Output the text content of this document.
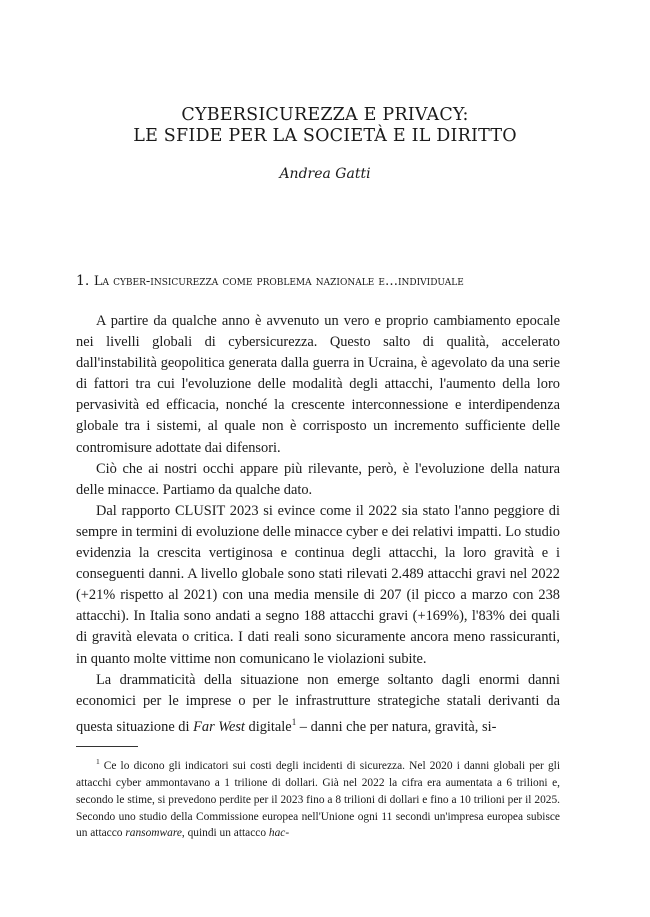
CYBERSICUREZZA E PRIVACY:
LE SFIDE PER LA SOCIETÀ E IL DIRITTO
Andrea Gatti
1. La cyber-insicurezza come problema nazionale e…individuale

A partire da qualche anno è avvenuto un vero e proprio cambiamento epocale nei livelli globali di cybersicurezza. Questo salto di qualità, accelerato dall'instabilità geopolitica generata dalla guerra in Ucraina, è agevolato da una serie di fattori tra cui l'evoluzione delle modalità degli attacchi, l'aumento della loro pervasività ed efficacia, nonché la crescente interconnessione e interdipendenza globale tra i sistemi, al quale non è corrisposto un incremento sufficiente delle contromisure adottate dai difensori.

Ciò che ai nostri occhi appare più rilevante, però, è l'evoluzione della natura delle minacce. Partiamo da qualche dato.

Dal rapporto CLUSIT 2023 si evince come il 2022 sia stato l'anno peggiore di sempre in termini di evoluzione delle minacce cyber e dei relativi impatti. Lo studio evidenzia la crescita vertiginosa e continua degli attacchi, la loro gravità e i conseguenti danni. A livello globale sono stati rilevati 2.489 attacchi gravi nel 2022 (+21% rispetto al 2021) con una media mensile di 207 (il picco a marzo con 238 attacchi). In Italia sono andati a segno 188 attacchi gravi (+169%), l'83% dei quali di gravità elevata o critica. I dati reali sono sicuramente ancora meno rassicuranti, in quanto molte vittime non comunicano le violazioni subite.

La drammaticità della situazione non emerge soltanto dagli enormi danni economici per le imprese o per le infrastrutture strategiche statali derivanti da questa situazione di Far West digitale$^1$ – danni che per natura, gravità, si-

$^1$ Ce lo dicono gli indicatori sui costi degli incidenti di sicurezza. Nel 2020 i danni globali per gli attacchi cyber ammontavano a 1 trilione di dollari. Già nel 2022 la cifra era aumentata a 6 trilioni e, secondo le stime, si prevedono perdite per il 2023 fino a 8 trilioni di dollari e fino a 10 trilioni per il 2025. Secondo uno studio della Commissione europea nell'Unione ogni 11 secondi un'impresa europea subisce un attacco ransomware, quindi un attacco hac-
